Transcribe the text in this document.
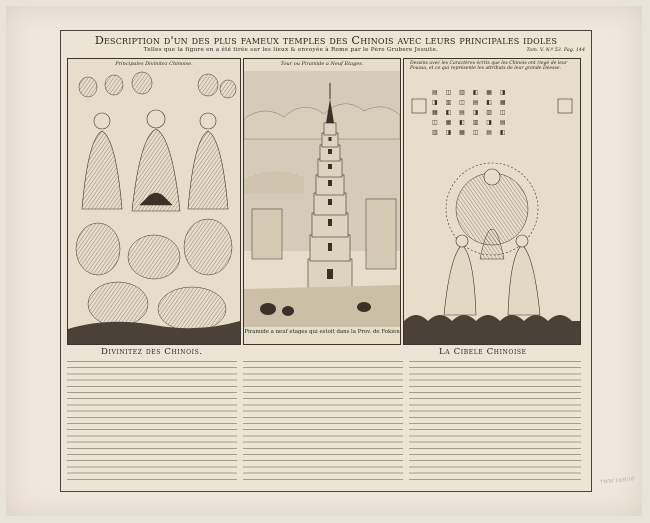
Description d'un des plus fameux temples des Chinois avec leurs principales idoles
Telles que la figure en a été tirée sur les lieux & envoyée à Rome par le Père Grubere Jesuite.	Tom. V. N.º 53. Pag. 144
Principales Divinitez Chinoise.	Tour ou Piramide a Neuf Etages.
Piramide a neuf etages qui estoit dans la Prov. de Fokien
Dessins avec les Caractères écrits que les Chinois ont riegé de leur Poussa, et ce qui représente les attributs de leur grande Déesse.
▤ ◫ ▥ ◧ ▦ ◨
◨ ▥ ◫ ▤ ◧ ▦
▦ ◧ ▤ ◨ ▥ ◫
◫ ▦ ◧ ▥ ◨ ▤
▥ ◨ ▦ ◫ ▤ ◧
Divinitez des Chinois.	La Cibele Chinoise
TWM 16/9/18
